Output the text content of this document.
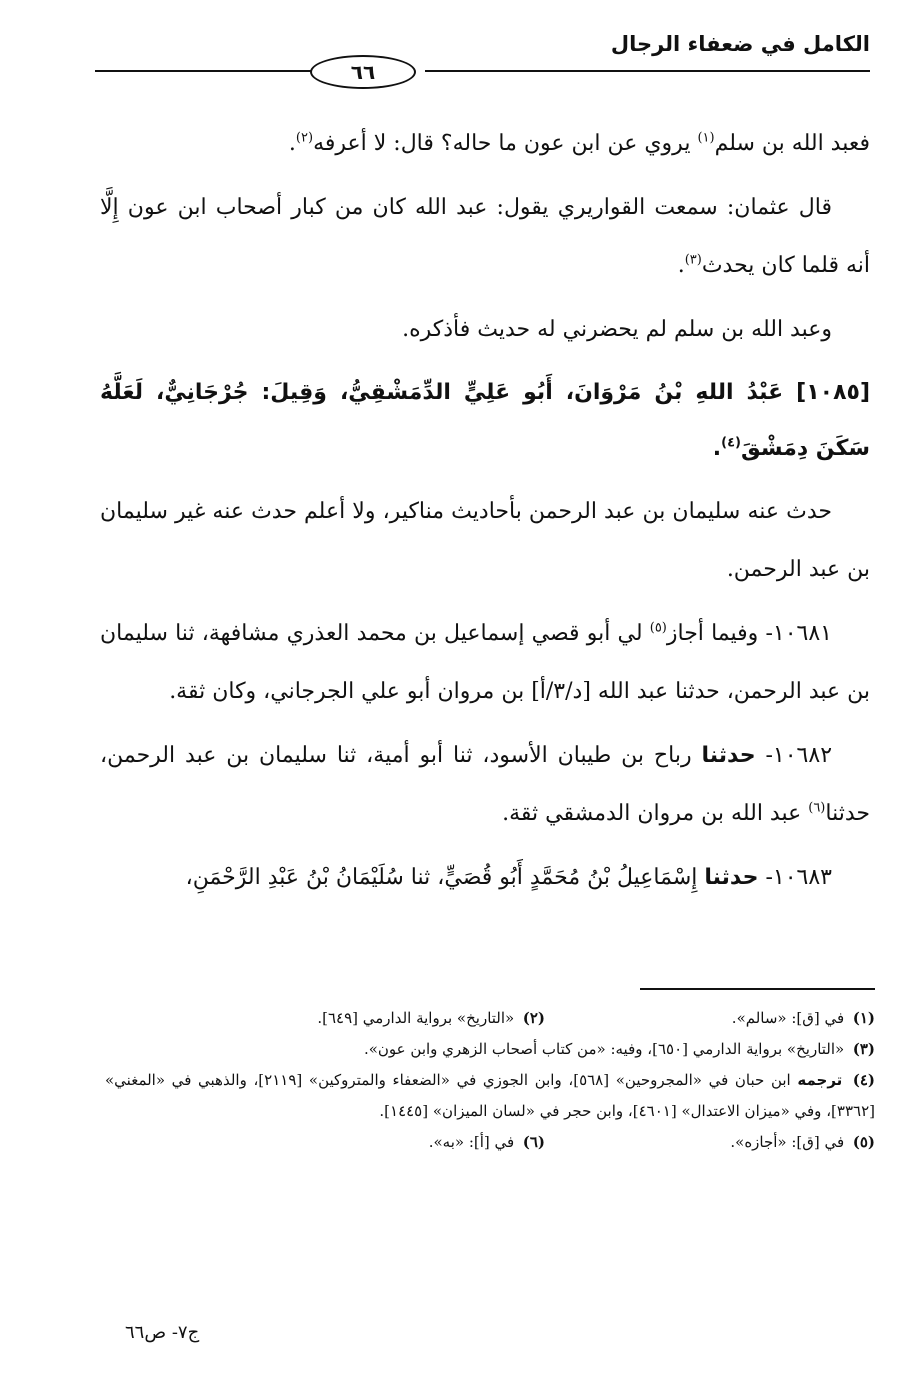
الكامل في ضعفاء الرجال
٦٦

فعبد الله بن سلم$^{(١)}$ يروي عن ابن عون ما حاله؟ قال: لا أعرفه$^{(٢)}$.

قال عثمان: سمعت القواريري يقول: عبد الله كان من كبار أصحاب ابن عون إِلَّا أنه قلما كان يحدث$^{(٣)}$.

وعبد الله بن سلم لم يحضرني له حديث فأذكره.

[١٠٨٥] عَبْدُ اللهِ بْنُ مَرْوَانَ، أَبُو عَلِيٍّ الدِّمَشْقِيُّ، وَقِيلَ: جُرْجَانِيٌّ، لَعَلَّهُ سَكَنَ دِمَشْقَ$^{(٤)}$.

حدث عنه سليمان بن عبد الرحمن بأحاديث مناكير، ولا أعلم حدث عنه غير سليمان بن عبد الرحمن.

١٠٦٨١- وفيما أجاز$^{(٥)}$ لي أبو قصي إسماعيل بن محمد العذري مشافهة، ثنا سليمان بن عبد الرحمن، حدثنا عبد الله [د/٣/أ] بن مروان أبو علي الجرجاني، وكان ثقة.

١٠٦٨٢- حدثنا رباح بن طيبان الأسود، ثنا أبو أمية، ثنا سليمان بن عبد الرحمن، حدثنا$^{(٦)}$ عبد الله بن مروان الدمشقي ثقة.

١٠٦٨٣- حدثنا إِسْمَاعِيلُ بْنُ مُحَمَّدٍ أَبُو قُصَيٍّ، ثنا سُلَيْمَانُ بْنُ عَبْدِ الرَّحْمَنِ،

(١) في [ق]: «سالم».
(٢) «التاريخ» برواية الدارمي [٦٤٩].
(٣) «التاريخ» برواية الدارمي [٦٥٠]، وفيه: «من كتاب أصحاب الزهري وابن عون».
(٤) ترجمه ابن حبان في «المجروحين» [٥٦٨]، وابن الجوزي في «الضعفاء والمتروكين» [٢١١٩]، والذهبي في «المغني» [٣٣٦٢]، وفي «ميزان الاعتدال» [٤٦٠١]، وابن حجر في «لسان الميزان» [١٤٤٥].
(٥) في [ق]: «أجازه».
(٦) في [أ]: «به».
ج٧- ص٦٦
